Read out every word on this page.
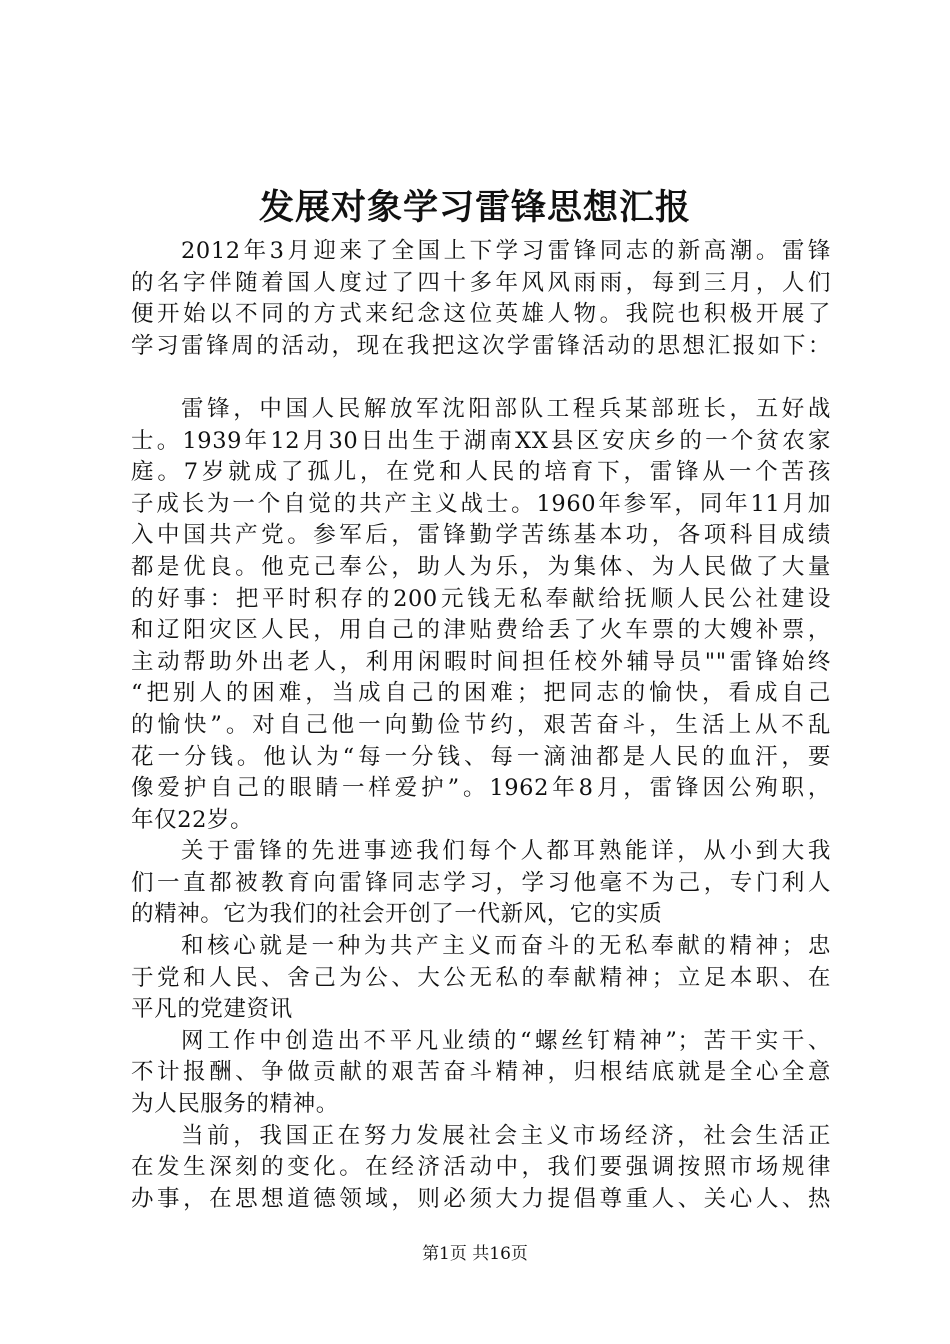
发展对象学习雷锋思想汇报
2012年3月迎来了全国上下学习雷锋同志的新高潮。雷锋
的名字伴随着国人度过了四十多年风风雨雨，每到三月，人们
便开始以不同的方式来纪念这位英雄人物。我院也积极开展了
学习雷锋周的活动，现在我把这次学雷锋活动的思想汇报如下：
雷锋，中国人民解放军沈阳部队工程兵某部班长，五好战
士。1939年12月30日出生于湖南XX县区安庆乡的一个贫农家
庭。7岁就成了孤儿，在党和人民的培育下，雷锋从一个苦孩
子成长为一个自觉的共产主义战士。1960年参军，同年11月加
入中国共产党。参军后，雷锋勤学苦练基本功，各项科目成绩
都是优良。他克己奉公，助人为乐，为集体、为人民做了大量
的好事：把平时积存的200元钱无私奉献给抚顺人民公社建设
和辽阳灾区人民，用自己的津贴费给丢了火车票的大嫂补票，
主动帮助外出老人，利用闲暇时间担任校外辅导员""雷锋始终
“把别人的困难，当成自己的困难；把同志的愉快，看成自己
的愉快”。对自己他一向勤俭节约，艰苦奋斗，生活上从不乱
花一分钱。他认为“每一分钱、每一滴油都是人民的血汗，要
像爱护自己的眼睛一样爱护”。1962年8月，雷锋因公殉职，
年仅22岁。
关于雷锋的先进事迹我们每个人都耳熟能详，从小到大我
们一直都被教育向雷锋同志学习，学习他毫不为己，专门利人
的精神。它为我们的社会开创了一代新风，它的实质
和核心就是一种为共产主义而奋斗的无私奉献的精神；忠
于党和人民、舍己为公、大公无私的奉献精神；立足本职、在
平凡的党建资讯
网工作中创造出不平凡业绩的“螺丝钉精神”；苦干实干、
不计报酬、争做贡献的艰苦奋斗精神，归根结底就是全心全意
为人民服务的精神。
当前，我国正在努力发展社会主义市场经济，社会生活正
在发生深刻的变化。在经济活动中，我们要强调按照市场规律
办事，在思想道德领域，则必须大力提倡尊重人、关心人、热
第1页 共16页
